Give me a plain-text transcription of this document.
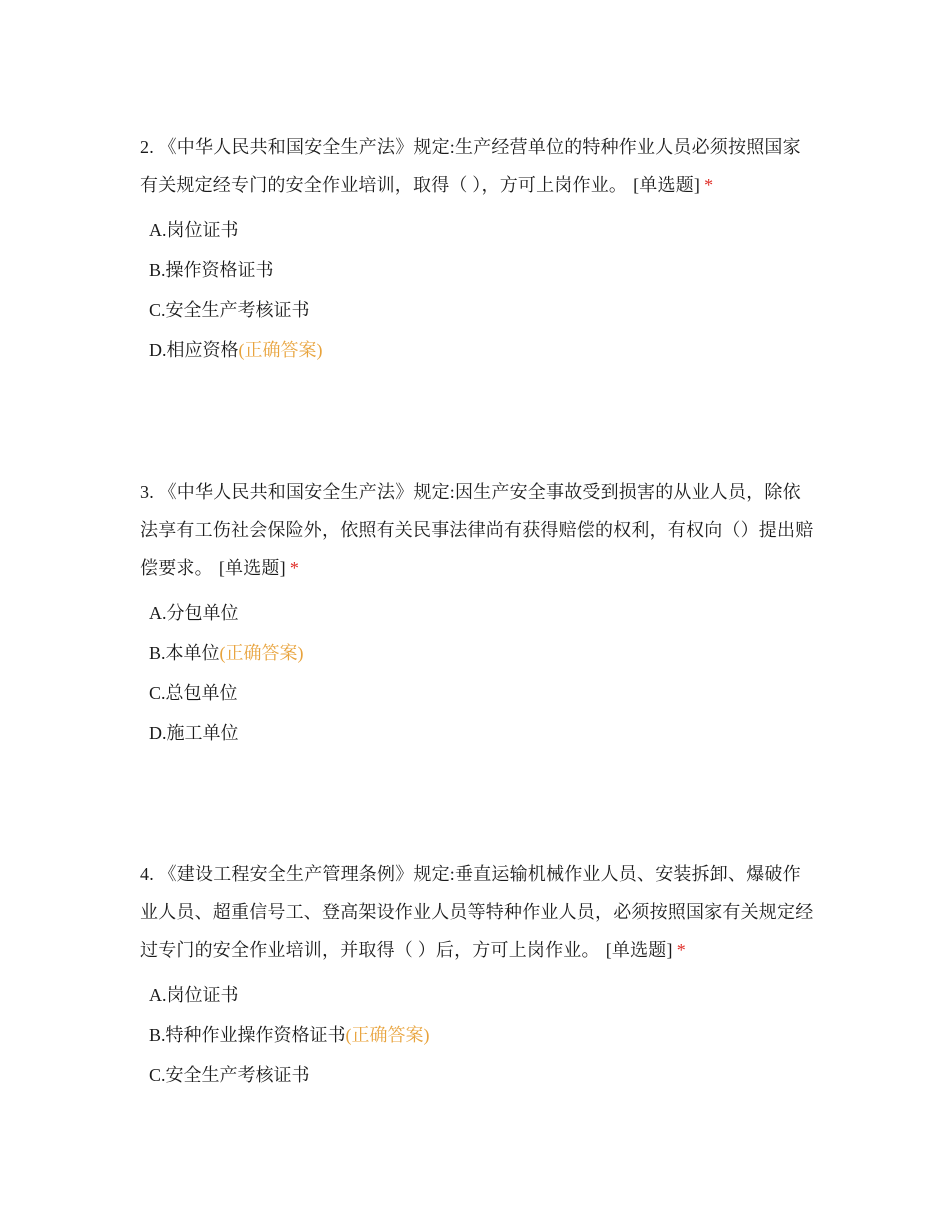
2. 《中华人民共和国安全生产法》规定:生产经营单位的特种作业人员必须按照国家有关规定经专门的安全作业培训，取得（ ），方可上岗作业。 [单选题] *

A.岗位证书
B.操作资格证书
C.安全生产考核证书
D.相应资格(正确答案)

3. 《中华人民共和国安全生产法》规定:因生产安全事故受到损害的从业人员，除依法享有工伤社会保险外，依照有关民事法律尚有获得赔偿的权利，有权向（）提出赔偿要求。 [单选题] *

A.分包单位
B.本单位(正确答案)
C.总包单位
D.施工单位

4. 《建设工程安全生产管理条例》规定:垂直运输机械作业人员、安装拆卸、爆破作业人员、超重信号工、登高架设作业人员等特种作业人员，必须按照国家有关规定经过专门的安全作业培训，并取得（ ）后，方可上岗作业。 [单选题] *

A.岗位证书
B.特种作业操作资格证书(正确答案)
C.安全生产考核证书
